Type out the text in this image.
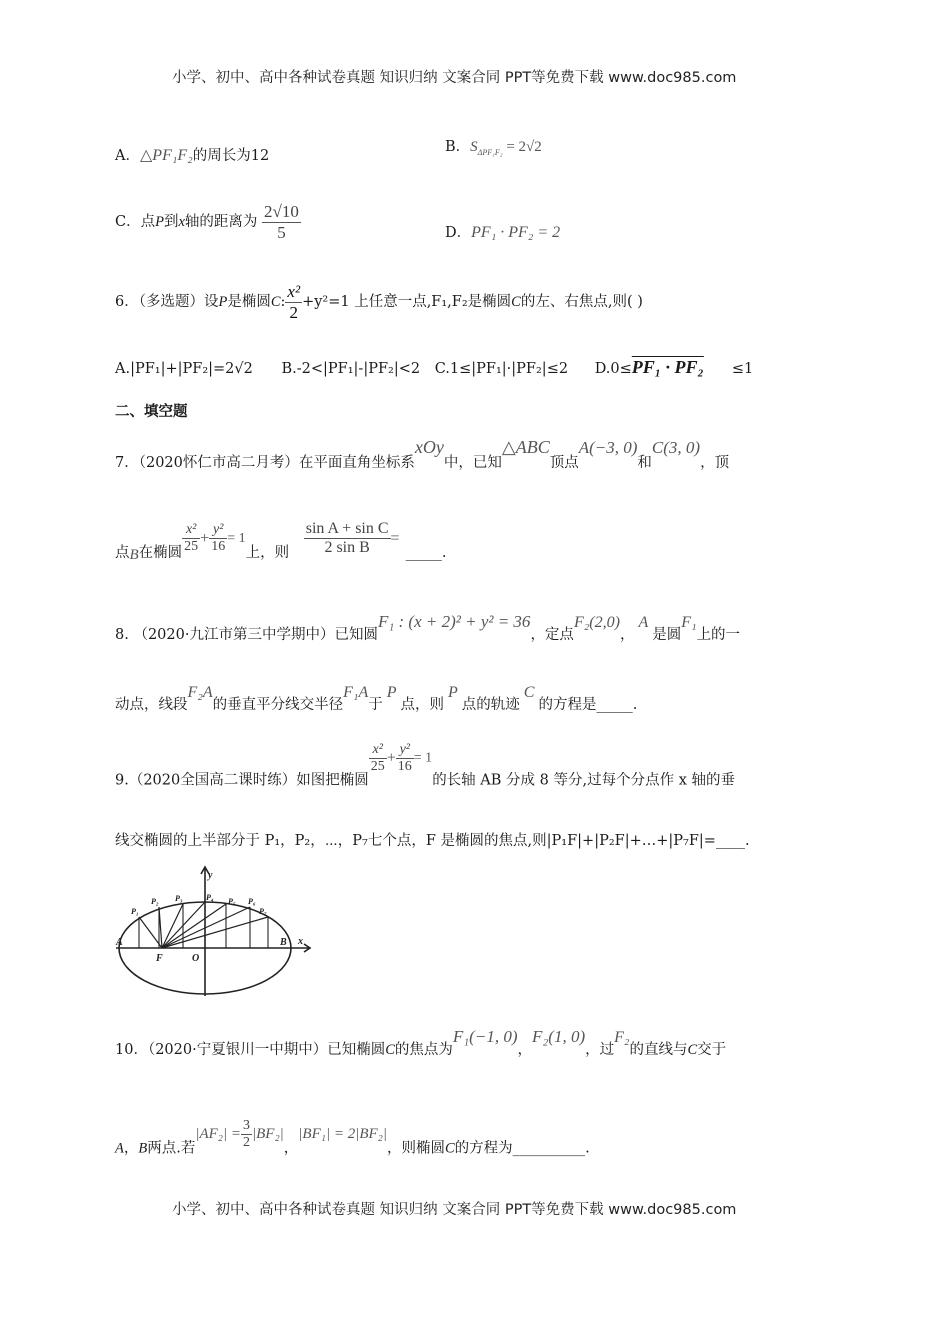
小学、初中、高中各种试卷真题 知识归纳 文案合同 PPT等免费下载 www.doc985.com
A．△PF₁F₂的周长为12
B．$S_{\Delta PF_1F_2} = 2√2$
C．点P到x轴的距离为 $\frac{2√10}{5}$	D．PF₁ · PF₂ = 2
6．（多选题）设P是椭圆C: $\frac{\text{x²}}{2} +y^2=1$ 上任意一点,F₁,F₂是椭圆C的左、右焦点,则( )
A.|PF₁|+|PF₂|=2√2 B.-2<|PF₁|-|PF₂|<2 C.1≤|PF₁|·|PF₂|≤2 D.0≤PF₁ · PF₂ ≤1
二、填空题
7．（2020怀仁市高二月考）在平面直角坐标系xOy中，已知△ABC顶点A(−3, 0)和C(3, 0)，顶
点B在椭圆 $\frac{\text{x²}}{25} + \frac{\text{y²}}{16} = 1$上，则 $\frac{\text{sin A + sin C}}{\text{2 sin B}}$ =_____.
8. （2020·九江市第三中学期中）已知圆F₁ : (x + 2)² + y² = 36，定点F₂(2,0)，A是圆F₁上的一
动点，线段F₂A的垂直平分线交半径F₁A于P点，则P点的轨迹C的方程是_____.
9.（2020全国高二课时练）如图把椭圆
$\frac{\text{x²}}{25} + \frac{\text{y²}}{16} = 1$的长轴 AB 分成 8 等分,过每个分点作 x 轴的垂
线交椭圆的上半部分于 P₁，P₂，⋯，P₇七个点，F 是椭圆的焦点,则|P₁F|+|P₂F|+…+|P₇F|=____.
y
x
A	B
F	O
P₁
P₂ P₃	P₄ P₅ P₆
P₇
10．（2020·宁夏银川一中期中）已知椭圆C的焦点为F₁(−1, 0)，F₂(1, 0)，过F₂的直线与C交于
A，B两点.若$|AF_2| = \frac{3}{2} |BF_2|$，|BF₁| = 2|BF₂|，则椭圆C的方程为__________.
小学、初中、高中各种试卷真题 知识归纳 文案合同 PPT等免费下载 www.doc985.com
